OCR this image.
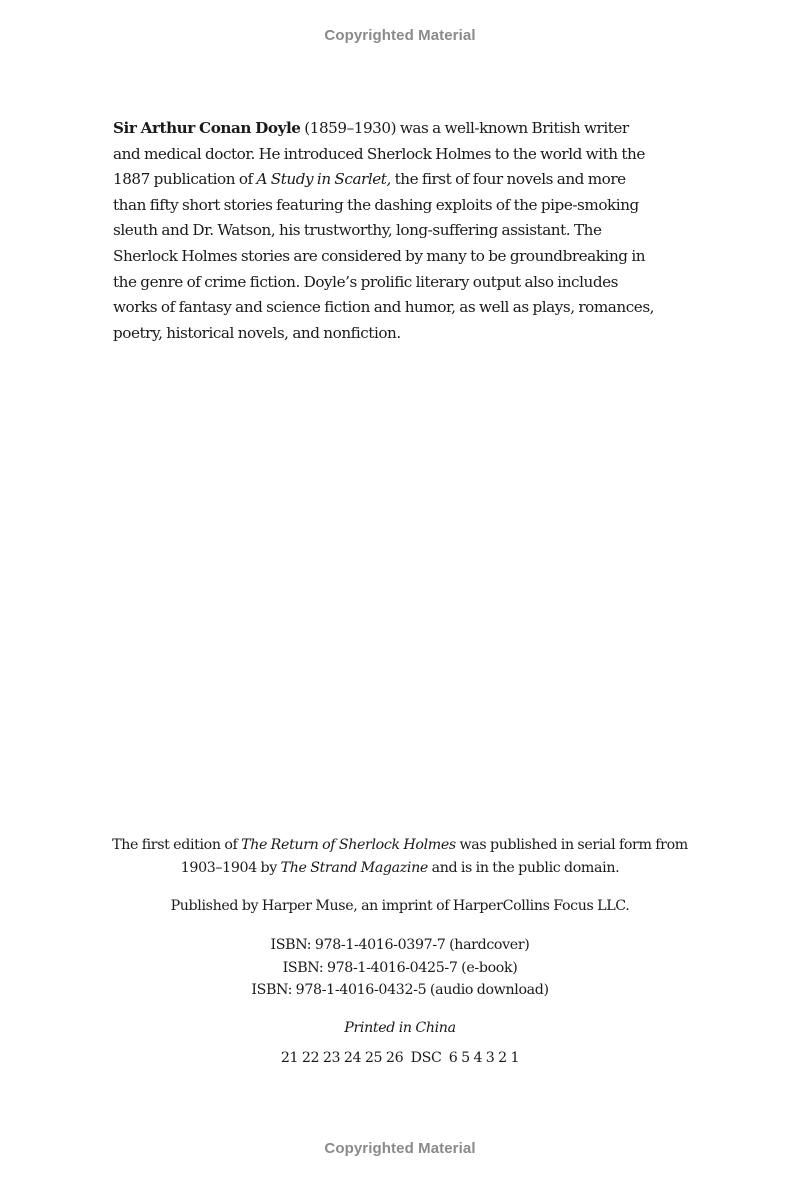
Copyrighted Material

Sir Arthur Conan Doyle (1859–1930) was a well-known British writer and medical doctor. He introduced Sherlock Holmes to the world with the 1887 publication of A Study in Scarlet, the first of four novels and more than fifty short stories featuring the dashing exploits of the pipe-smoking sleuth and Dr. Watson, his trustworthy, long-suffering assistant. The Sherlock Holmes stories are considered by many to be groundbreaking in the genre of crime fiction. Doyle’s prolific literary output also includes works of fantasy and science fiction and humor, as well as plays, romances, poetry, historical novels, and nonfiction.

The first edition of The Return of Sherlock Holmes was published in serial form from 1903–1904 by The Strand Magazine and is in the public domain.

Published by Harper Muse, an imprint of HarperCollins Focus LLC.

ISBN: 978-1-4016-0397-7 (hardcover)
ISBN: 978-1-4016-0425-7 (e-book)
ISBN: 978-1-4016-0432-5 (audio download)

Printed in China

21 22 23 24 25 26  DSC  6 5 4 3 2 1

Copyrighted Material
